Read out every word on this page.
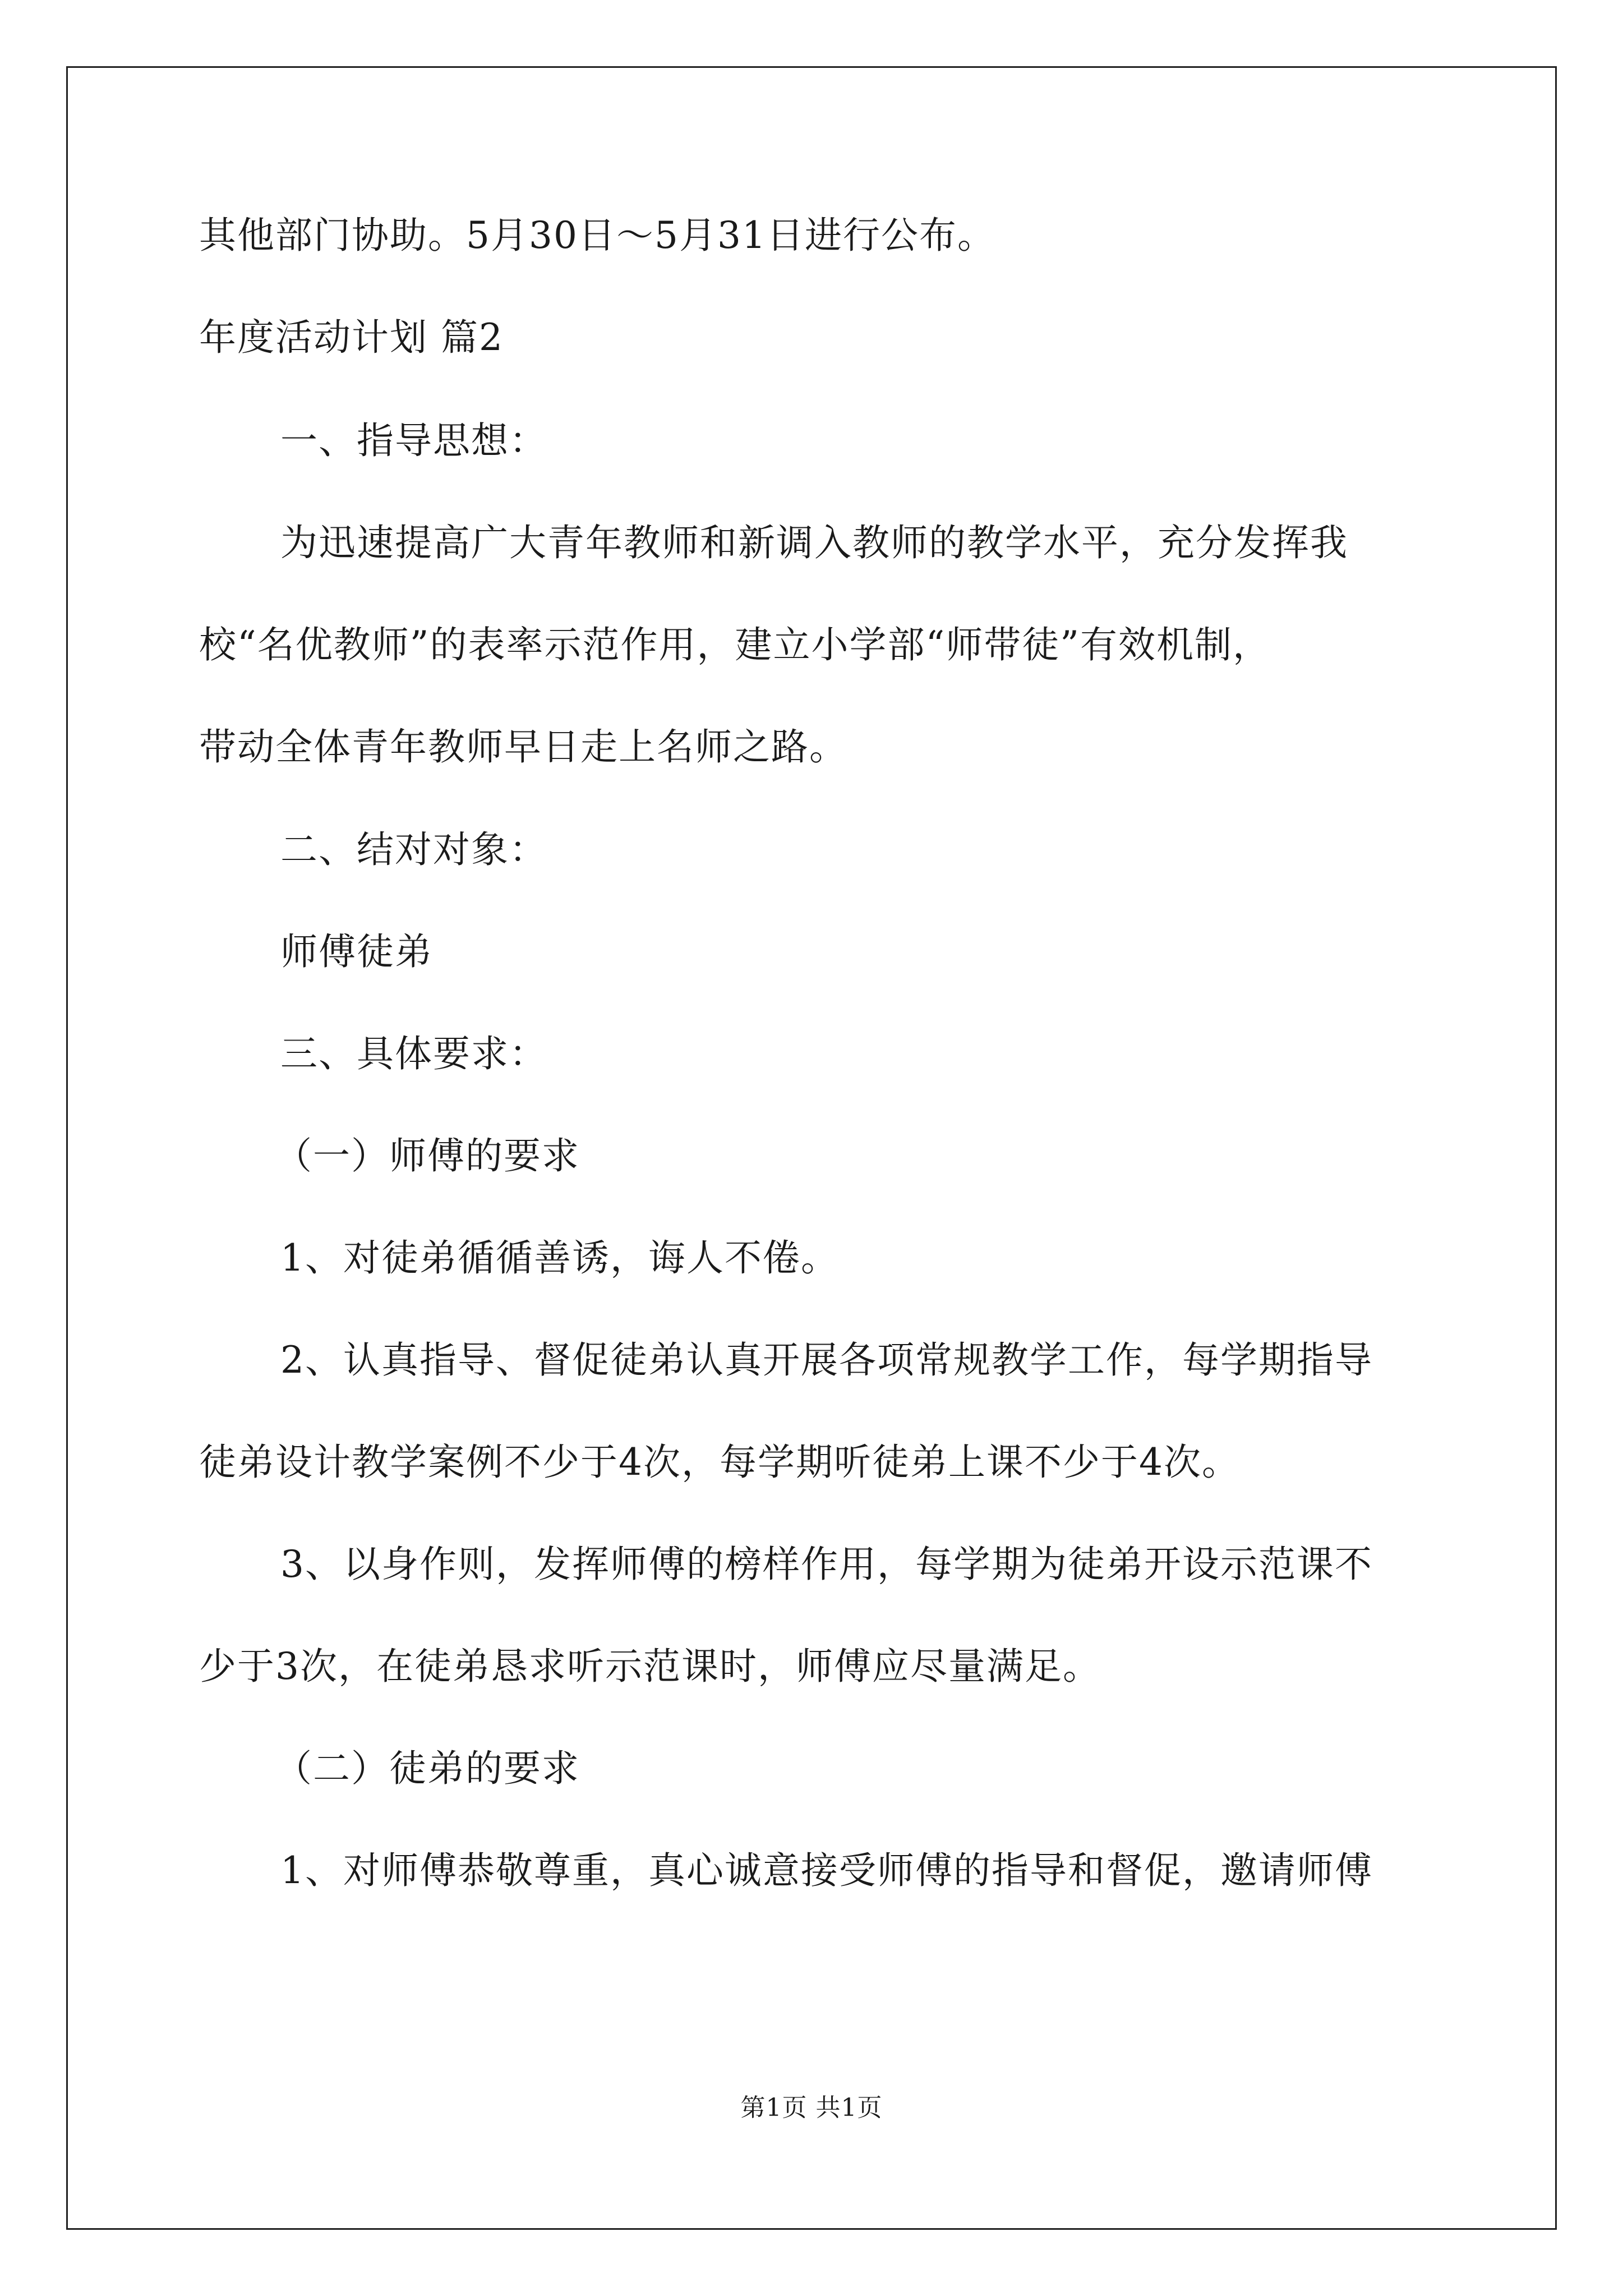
其他部门协助。5月30日～5月31日进行公布。
年度活动计划 篇2
一、指导思想：
为迅速提高广大青年教师和新调入教师的教学水平，充分发挥我
校“名优教师”的表率示范作用，建立小学部“师带徒”有效机制，
带动全体青年教师早日走上名师之路。
二、结对对象：
师傅徒弟
三、具体要求：
（一）师傅的要求
1、对徒弟循循善诱，诲人不倦。
2、认真指导、督促徒弟认真开展各项常规教学工作，每学期指导
徒弟设计教学案例不少于4次，每学期听徒弟上课不少于4次。
3、以身作则，发挥师傅的榜样作用，每学期为徒弟开设示范课不
少于3次，在徒弟恳求听示范课时，师傅应尽量满足。
（二）徒弟的要求
1、对师傅恭敬尊重，真心诚意接受师傅的指导和督促，邀请师傅
第1页 共1页
